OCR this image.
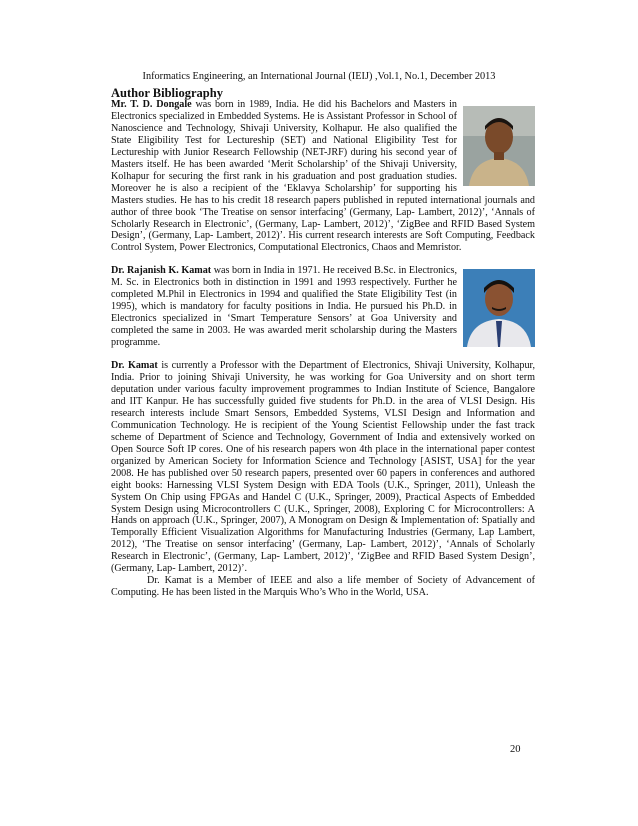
Informatics Engineering, an International Journal (IEIJ) ,Vol.1, No.1, December 2013
Author Bibliography

Mr. T. D. Dongale was born in 1989, India. He did his Bachelors and Masters in Electronics specialized in Embedded Systems. He is Assistant Professor in School of Nanoscience and Technology, Shivaji University, Kolhapur. He also qualified the State Eligibility Test for Lectureship (SET) and National Eligibility Test for Lectureship with Junior Research Fellowship (NET-JRF) during his second year of Masters itself. He has been awarded ‘Merit Scholarship’ of the Shivaji University, Kolhapur for securing the first rank in his graduation and post graduation studies. Moreover he is also a recipient of the ‘Eklavya Scholarship’ for supporting his Masters studies. He has to his credit 18 research papers published in reputed international journals and author of three book ‘The Treatise on sensor interfacing’ (Germany, Lap- Lambert, 2012)’, ‘Annals of Scholarly Research in Electronic’, (Germany, Lap- Lambert, 2012)’, ‘ZigBee and RFID Based System Design’, (Germany, Lap- Lambert, 2012)’. His current research interests are Soft Computing, Feedback Control System, Power Electronics, Computational Electronics, Chaos and Memristor.

Dr. Rajanish K. Kamat was born in India in 1971. He received B.Sc. in Electronics, M. Sc. in Electronics both in distinction in 1991 and 1993 respectively. Further he completed M.Phil in Electronics in 1994 and qualified the State Eligibility Test (in 1995), which is mandatory for faculty positions in India. He pursued his Ph.D. in Electronics specialized in ‘Smart Temperature Sensors’ at Goa University and completed the same in 2003. He was awarded merit scholarship during the Masters programme.

Dr. Kamat is currently a Professor with the Department of Electronics, Shivaji University, Kolhapur, India. Prior to joining Shivaji University, he was working for Goa University and on short term deputation under various faculty improvement programmes to Indian Institute of Science, Bangalore and IIT Kanpur. He has successfully guided five students for Ph.D. in the area of VLSI Design. His research interests include Smart Sensors, Embedded Systems, VLSI Design and Information and Communication Technology. He is recipient of the Young Scientist Fellowship under the fast track scheme of Department of Science and Technology, Government of India and extensively worked on Open Source Soft IP cores. One of his research papers won 4th place in the international paper contest organized by American Society for Information Science and Technology [ASIST, USA] for the year 2008. He has published over 50 research papers, presented over 60 papers in conferences and authored eight books: Harnessing VLSI System Design with EDA Tools (U.K., Springer, 2011), Unleash the System On Chip using FPGAs and Handel C (U.K., Springer, 2009), Practical Aspects of Embedded System Design using Microcontrollers C (U.K., Springer, 2008), Exploring C for Microcontrollers: A Hands on approach (U.K., Springer, 2007), A Monogram on Design & Implementation of: Spatially and Temporally Efficient Visualization Algorithms for Manufacturing Industries (Germany, Lap Lambert, 2012), ‘The Treatise on sensor interfacing’ (Germany, Lap- Lambert, 2012)’, ‘Annals of Scholarly Research in Electronic’, (Germany, Lap- Lambert, 2012)’, ‘ZigBee and RFID Based System Design’, (Germany, Lap- Lambert, 2012)’.

Dr. Kamat is a Member of IEEE and also a life member of Society of Advancement of Computing. He has been listed in the Marquis Who’s Who in the World, USA.

20
